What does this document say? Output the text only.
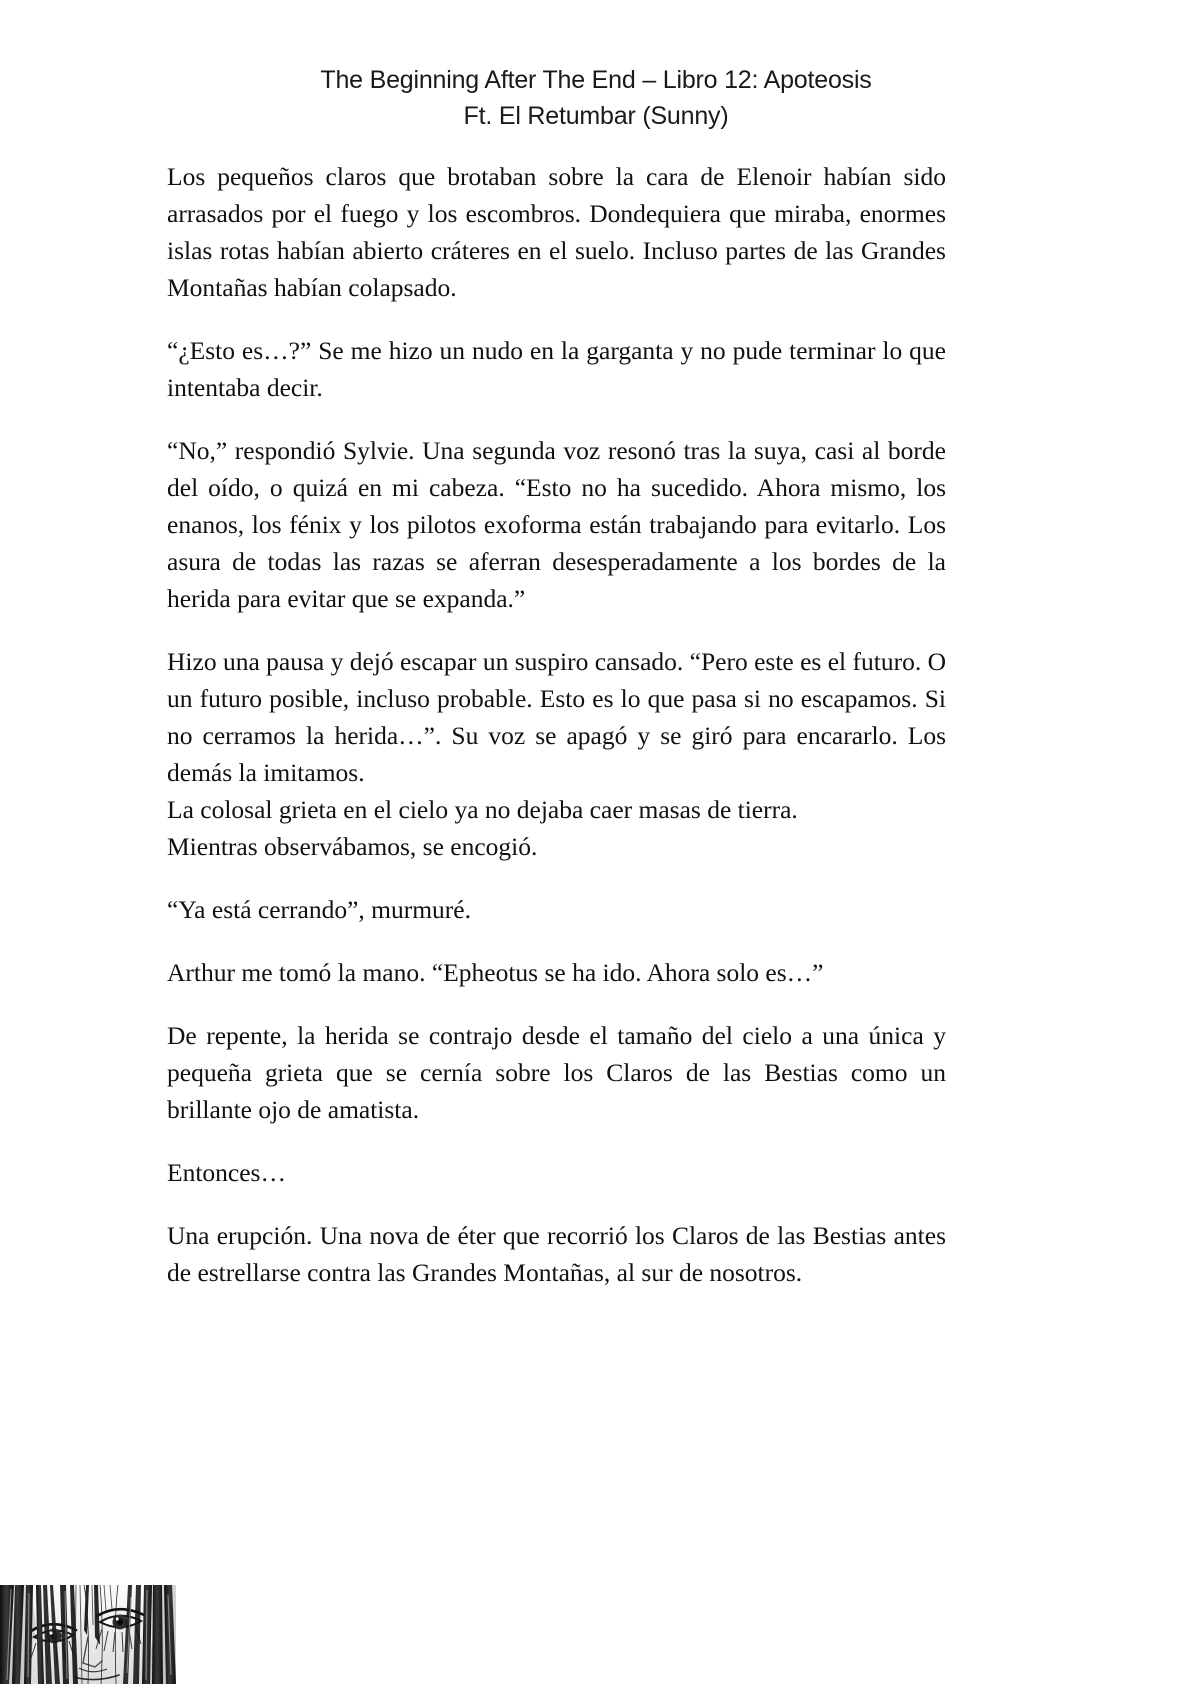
The Beginning After The End – Libro 12: Apoteosis
Ft. El Retumbar (Sunny)

Los pequeños claros que brotaban sobre la cara de Elenoir habían sido arrasados por el fuego y los escombros. Dondequiera que miraba, enormes islas rotas habían abierto cráteres en el suelo. Incluso partes de las Grandes Montañas habían colapsado.

“¿Esto es…?” Se me hizo un nudo en la garganta y no pude terminar lo que intentaba decir.

“No,” respondió Sylvie. Una segunda voz resonó tras la suya, casi al borde del oído, o quizá en mi cabeza. “Esto no ha sucedido. Ahora mismo, los enanos, los fénix y los pilotos exoforma están trabajando para evitarlo. Los asura de todas las razas se aferran desesperadamente a los bordes de la herida para evitar que se expanda.”

Hizo una pausa y dejó escapar un suspiro cansado. “Pero este es el futuro. O un futuro posible, incluso probable. Esto es lo que pasa si no escapamos. Si no cerramos la herida…”. Su voz se apagó y se giró para encararlo. Los demás la imitamos.

La colosal grieta en el cielo ya no dejaba caer masas de tierra.

Mientras observábamos, se encogió.

“Ya está cerrando”, murmuré.

Arthur me tomó la mano. “Epheotus se ha ido. Ahora solo es…”

De repente, la herida se contrajo desde el tamaño del cielo a una única y pequeña grieta que se cernía sobre los Claros de las Bestias como un brillante ojo de amatista.

Entonces…

Una erupción. Una nova de éter que recorrió los Claros de las Bestias antes de estrellarse contra las Grandes Montañas, al sur de nosotros.
